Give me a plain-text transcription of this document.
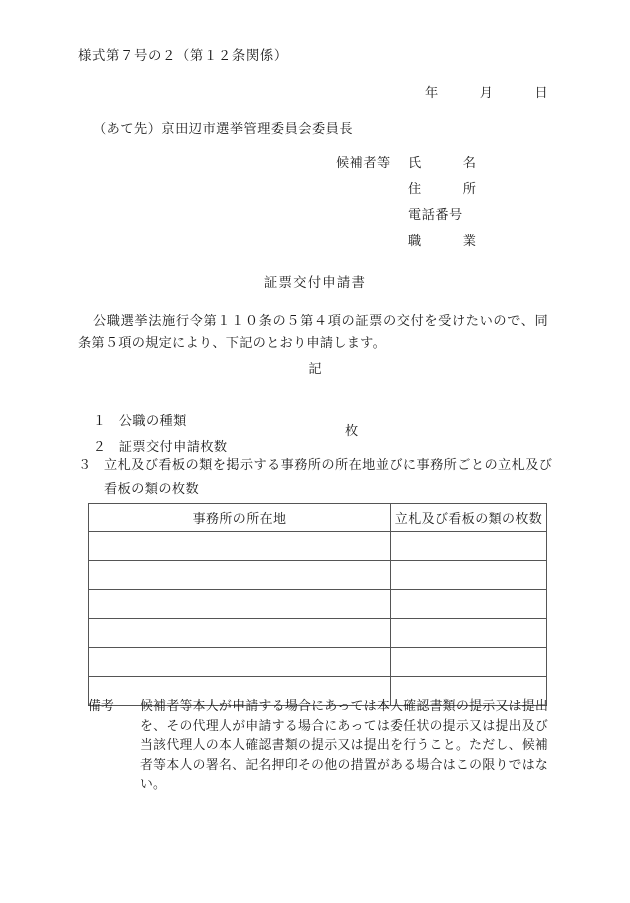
様式第７号の２（第１２条関係）
年　　　月　　　日
（あて先）京田辺市選挙管理委員会委員長
候補者等	氏　　　名
住　　　所
電話番号
職　　　業
証票交付申請書
公職選挙法施行令第１１０条の５第４項の証票の交付を受けたいので、同条第５項の規定により、下記のとおり申請します。
記

１ 公職の種類

２ 証票交付申請枚数

枚
３ 立札及び看板の類を掲示する事務所の所在地並びに事務所ごとの立札及び
看板の類の枚数
事務所の所在地	立札及び看板の類の枚数

備考	候補者等本人が申請する場合にあっては本人確認書類の提示又は提出を、その代理人が申請する場合にあっては委任状の提示又は提出及び当該代理人の本人確認書類の提示又は提出を行うこと。ただし、候補者等本人の署名、記名押印その他の措置がある場合はこの限りではない。
